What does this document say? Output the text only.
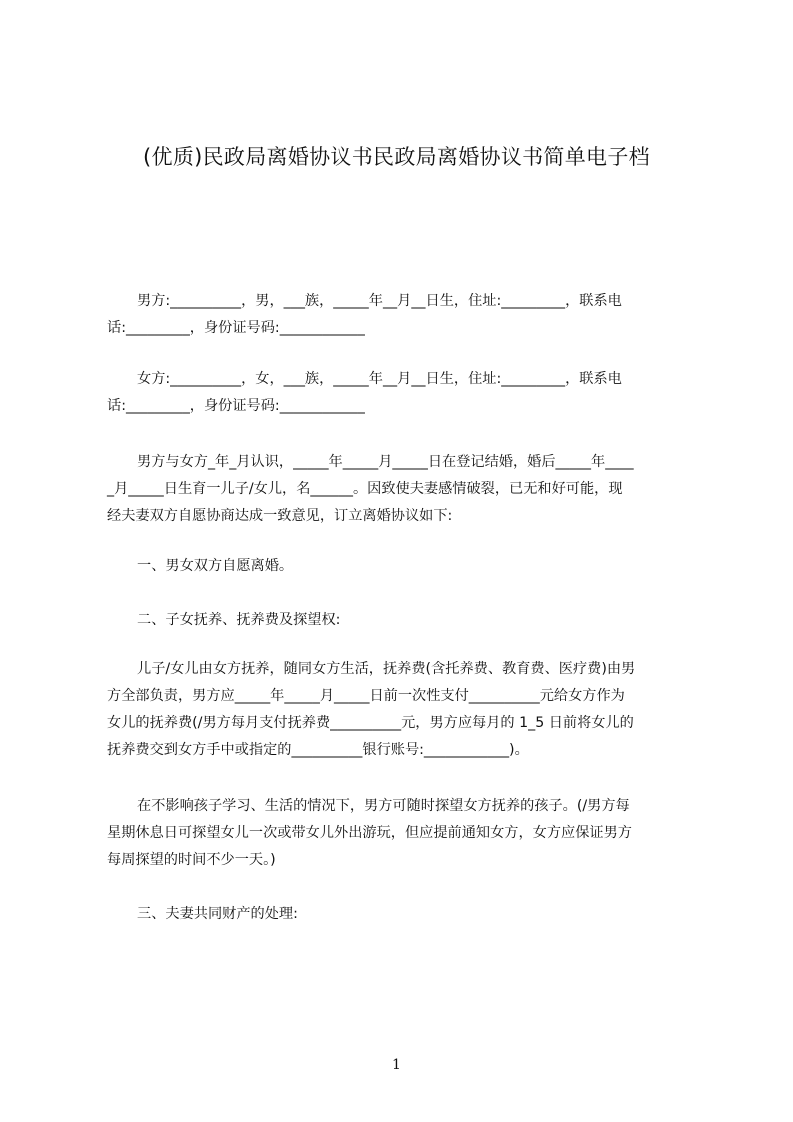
(优质)民政局离婚协议书民政局离婚协议书简单电子档

男方:__________，男，___族，_____年__月__日生，住址:_________，联系电
话:_________，身份证号码:____________

女方:__________，女，___族，_____年__月__日生，住址:_________，联系电
话:_________，身份证号码:____________

男方与女方_年_月认识，_____年_____月_____日在登记结婚，婚后_____年____
_月_____日生育一儿子/女儿，名______。因致使夫妻感情破裂，已无和好可能，现
经夫妻双方自愿协商达成一致意见，订立离婚协议如下:

一、男女双方自愿离婚。

二、子女抚养、抚养费及探望权:

儿子/女儿由女方抚养，随同女方生活，抚养费(含托养费、教育费、医疗费)由男
方全部负责，男方应_____年_____月_____日前一次性支付__________元给女方作为
女儿的抚养费(/男方每月支付抚养费__________元，男方应每月的 1_5 日前将女儿的
抚养费交到女方手中或指定的__________银行账号:____________)。

在不影响孩子学习、生活的情况下，男方可随时探望女方抚养的孩子。(/男方每
星期休息日可探望女儿一次或带女儿外出游玩，但应提前通知女方，女方应保证男方
每周探望的时间不少一天。)

三、夫妻共同财产的处理:

1
